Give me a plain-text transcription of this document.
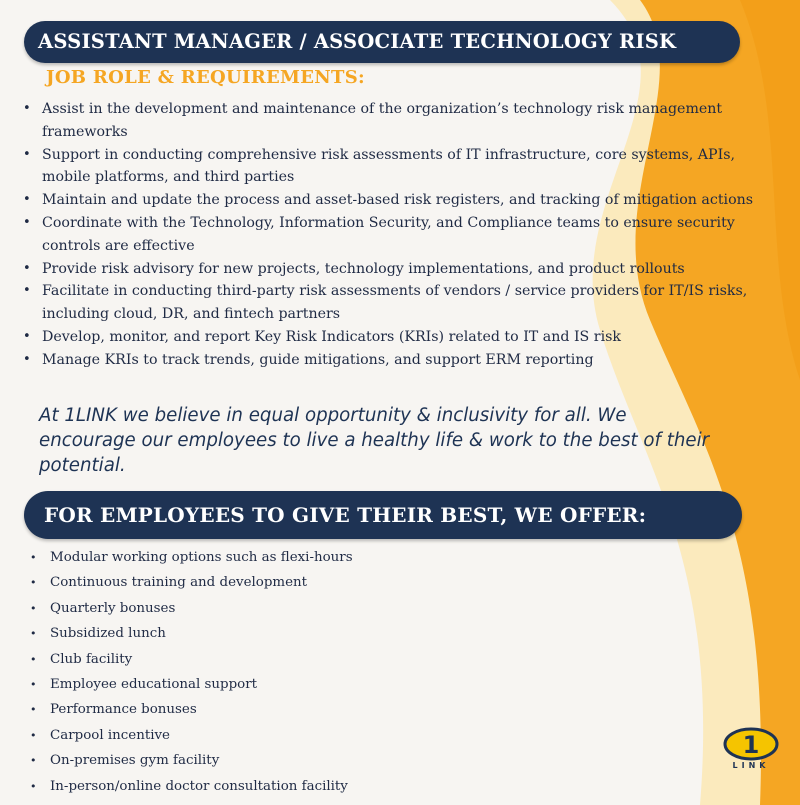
ASSISTANT MANAGER / ASSOCIATE TECHNOLOGY RISK
JOB ROLE & REQUIREMENTS:
• Assist in the development and maintenance of the organization’s technology risk management frameworks
• Support in conducting comprehensive risk assessments of IT infrastructure, core systems, APIs, mobile platforms, and third parties
• Maintain and update the process and asset-based risk registers, and tracking of mitigation actions
• Coordinate with the Technology, Information Security, and Compliance teams to ensure security controls are effective
• Provide risk advisory for new projects, technology implementations, and product rollouts
• Facilitate in conducting third-party risk assessments of vendors / service providers for IT/IS risks, including cloud, DR, and fintech partners
• Develop, monitor, and report Key Risk Indicators (KRIs) related to IT and IS risk
• Manage KRIs to track trends, guide mitigations, and support ERM reporting
At 1LINK we believe in equal opportunity & inclusivity for all. We encourage our employees to live a healthy life & work to the best of their potential.
FOR EMPLOYEES TO GIVE THEIR BEST, WE OFFER:
• Modular working options such as flexi-hours
• Continuous training and development
• Quarterly bonuses
• Subsidized lunch
• Club facility
• Employee educational support
• Performance bonuses
• Carpool incentive
• On-premises gym facility
• In-person/online doctor consultation facility
1
LINK
